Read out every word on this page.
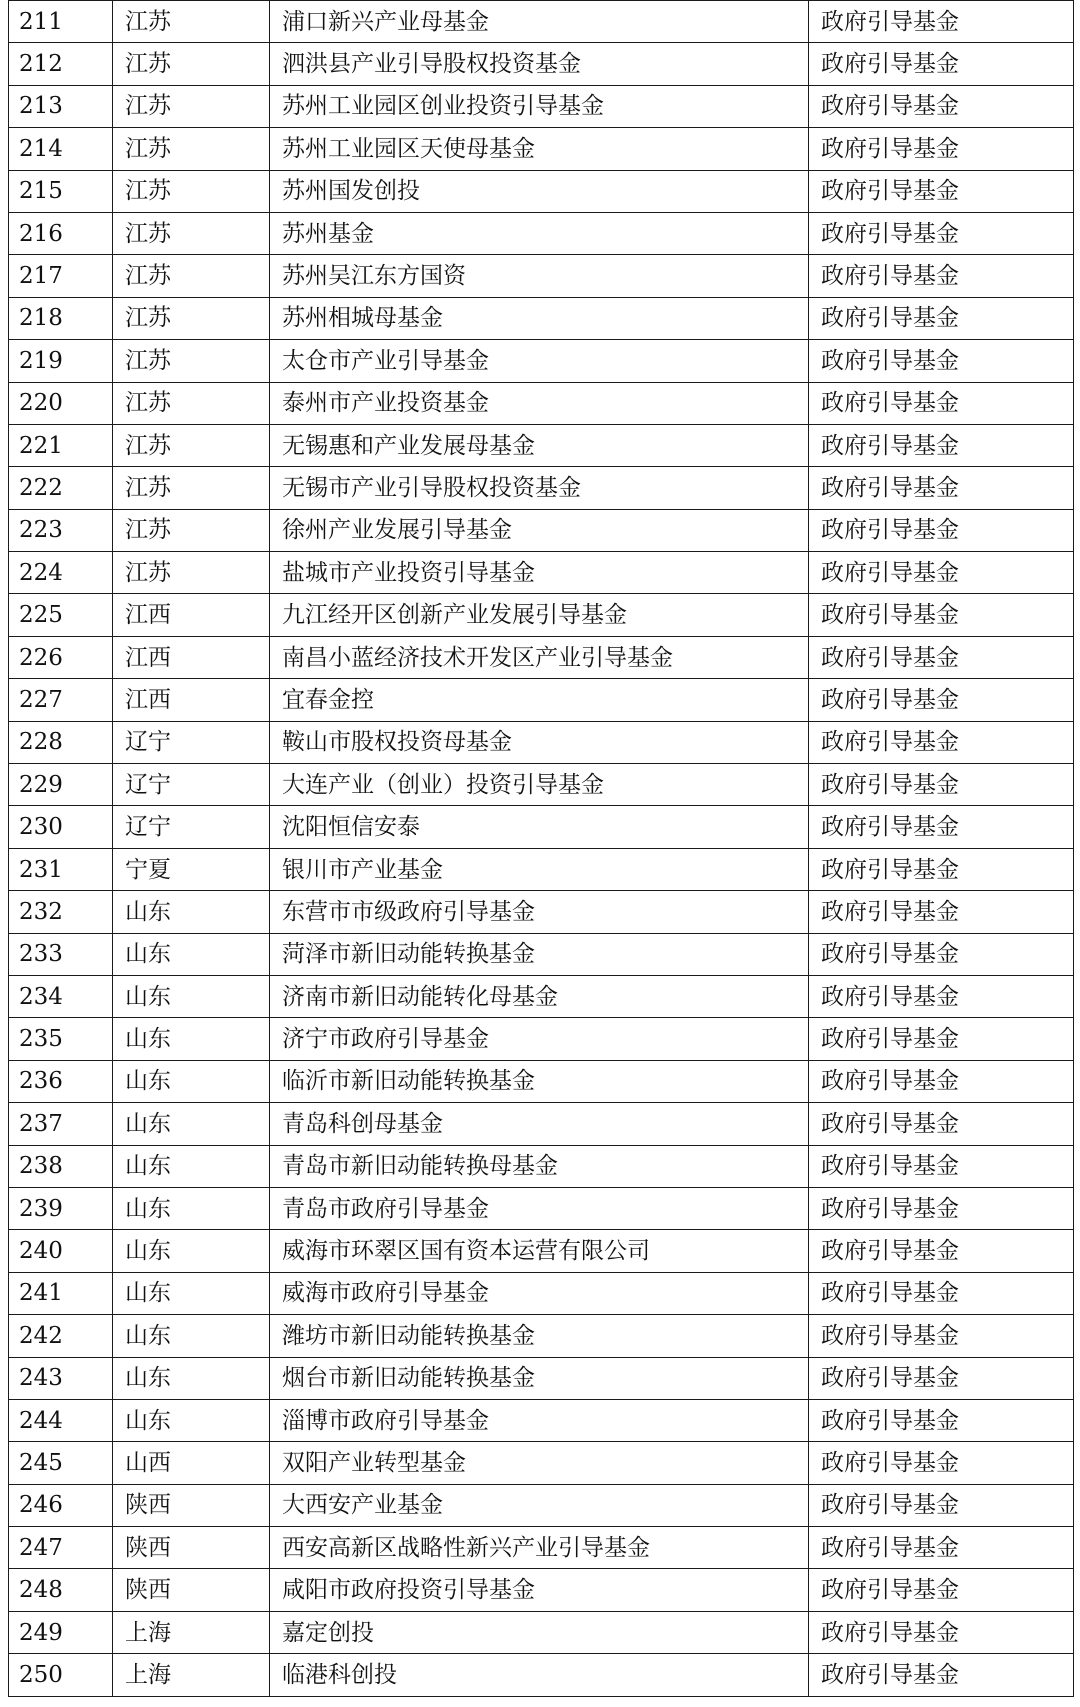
211	江苏	浦口新兴产业母基金	政府引导基金
212	江苏	泗洪县产业引导股权投资基金	政府引导基金
213	江苏	苏州工业园区创业投资引导基金	政府引导基金
214	江苏	苏州工业园区天使母基金	政府引导基金
215	江苏	苏州国发创投	政府引导基金
216	江苏	苏州基金	政府引导基金
217	江苏	苏州吴江东方国资	政府引导基金
218	江苏	苏州相城母基金	政府引导基金
219	江苏	太仓市产业引导基金	政府引导基金
220	江苏	泰州市产业投资基金	政府引导基金
221	江苏	无锡惠和产业发展母基金	政府引导基金
222	江苏	无锡市产业引导股权投资基金	政府引导基金
223	江苏	徐州产业发展引导基金	政府引导基金
224	江苏	盐城市产业投资引导基金	政府引导基金
225	江西	九江经开区创新产业发展引导基金	政府引导基金
226	江西	南昌小蓝经济技术开发区产业引导基金	政府引导基金
227	江西	宜春金控	政府引导基金
228	辽宁	鞍山市股权投资母基金	政府引导基金
229	辽宁	大连产业（创业）投资引导基金	政府引导基金
230	辽宁	沈阳恒信安泰	政府引导基金
231	宁夏	银川市产业基金	政府引导基金
232	山东	东营市市级政府引导基金	政府引导基金
233	山东	菏泽市新旧动能转换基金	政府引导基金
234	山东	济南市新旧动能转化母基金	政府引导基金
235	山东	济宁市政府引导基金	政府引导基金
236	山东	临沂市新旧动能转换基金	政府引导基金
237	山东	青岛科创母基金	政府引导基金
238	山东	青岛市新旧动能转换母基金	政府引导基金
239	山东	青岛市政府引导基金	政府引导基金
240	山东	威海市环翠区国有资本运营有限公司	政府引导基金
241	山东	威海市政府引导基金	政府引导基金
242	山东	潍坊市新旧动能转换基金	政府引导基金
243	山东	烟台市新旧动能转换基金	政府引导基金
244	山东	淄博市政府引导基金	政府引导基金
245	山西	双阳产业转型基金	政府引导基金
246	陕西	大西安产业基金	政府引导基金
247	陕西	西安高新区战略性新兴产业引导基金	政府引导基金
248	陕西	咸阳市政府投资引导基金	政府引导基金
249	上海	嘉定创投	政府引导基金
250	上海	临港科创投	政府引导基金
